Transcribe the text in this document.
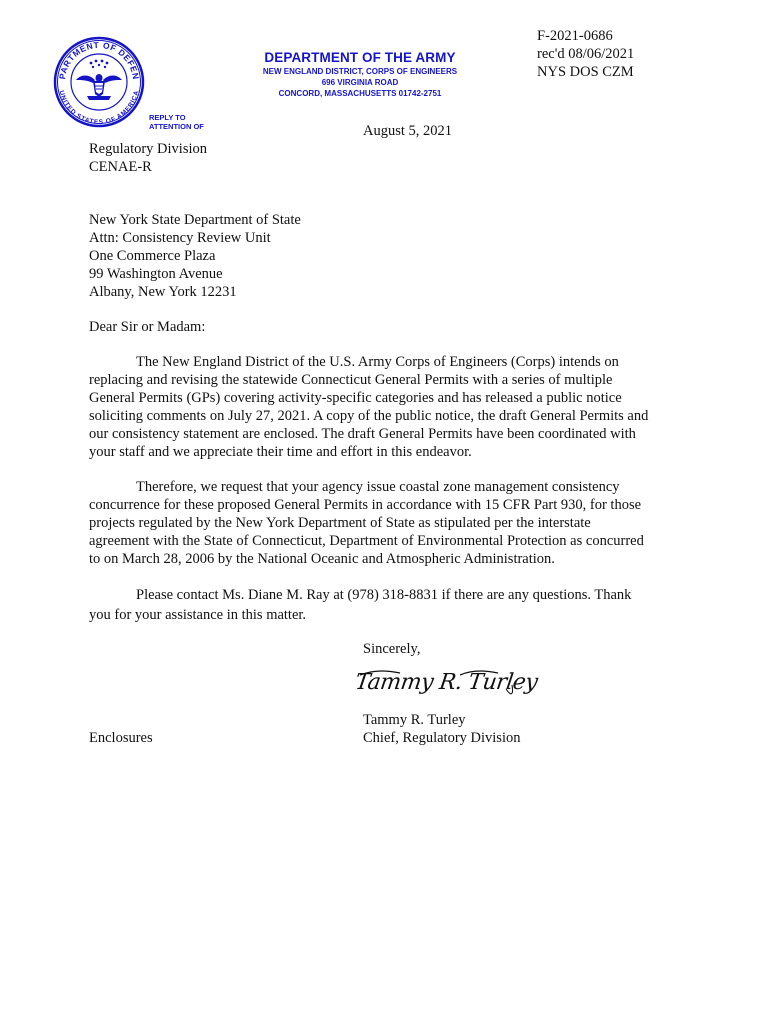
PARTMENT OF DEFEN
UNITED STATES OF AMERICA
DEPARTMENT OF THE ARMY
NEW ENGLAND DISTRICT, CORPS OF ENGINEERS
696 VIRGINIA ROAD
CONCORD, MASSACHUSETTS 01742-2751
REPLY TO
ATTENTION OF
F-2021-0686
rec'd 08/06/2021
NYS DOS CZM
August 5, 2021
Regulatory Division
CENAE-R
New York State Department of State
Attn: Consistency Review Unit
One Commerce Plaza
99 Washington Avenue
Albany, New York 12231
Dear Sir or Madam:
The New England District of the U.S. Army Corps of Engineers (Corps) intends on
replacing and revising the statewide Connecticut General Permits with a series of multiple
General Permits (GPs) covering activity-specific categories and has released a public notice
soliciting comments on July 27, 2021. A copy of the public notice, the draft General Permits and
our consistency statement are enclosed. The draft General Permits have been coordinated with
your staff and we appreciate their time and effort in this endeavor.
Therefore, we request that your agency issue coastal zone management consistency
concurrence for these proposed General Permits in accordance with 15 CFR Part 930, for those
projects regulated by the New York Department of State as stipulated per the interstate
agreement with the State of Connecticut, Department of Environmental Protection as concurred
to on March 28, 2006 by the National Oceanic and Atmospheric Administration.
Please contact Ms. Diane M. Ray at (978) 318-8831 if there are any questions. Thank
you for your assistance in this matter.
Sincerely,
Tammy R. Turley
Tammy R. Turley
Chief, Regulatory Division
Enclosures
